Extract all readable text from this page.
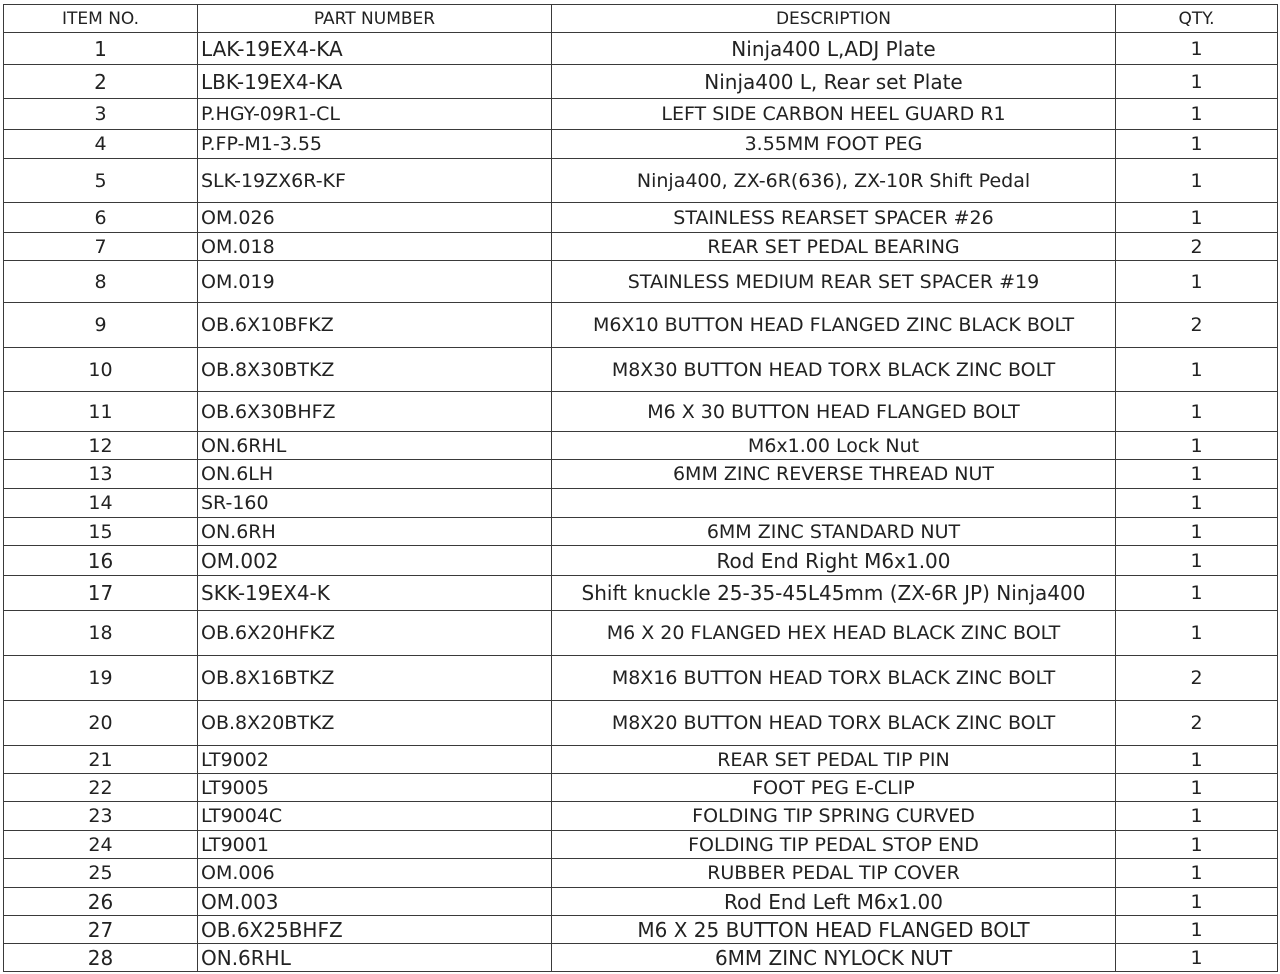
ITEM NO.	PART NUMBER	DESCRIPTION	QTY.
1	LAK-19EX4-KA	Ninja400 L,ADJ Plate	1
2	LBK-19EX4-KA	Ninja400 L, Rear set Plate	1
3	P.HGY-09R1-CL	LEFT SIDE CARBON HEEL GUARD R1	1
4	P.FP-M1-3.55	3.55MM FOOT PEG	1
5	SLK-19ZX6R-KF	Ninja400, ZX-6R(636), ZX-10R Shift Pedal	1
6	OM.026	STAINLESS REARSET SPACER #26	1
7	OM.018	REAR SET PEDAL BEARING	2
8	OM.019	STAINLESS MEDIUM REAR SET SPACER #19	1
9	OB.6X10BFKZ	M6X10 BUTTON HEAD FLANGED ZINC BLACK BOLT	2
10	OB.8X30BTKZ	M8X30 BUTTON HEAD TORX BLACK ZINC BOLT	1
11	OB.6X30BHFZ	M6 X 30 BUTTON HEAD FLANGED BOLT	1
12	ON.6RHL	M6x1.00 Lock Nut	1
13	ON.6LH	6MM ZINC REVERSE THREAD NUT	1
14	SR-160		1
15	ON.6RH	6MM ZINC STANDARD NUT	1
16	OM.002	Rod End Right M6x1.00	1
17	SKK-19EX4-K	Shift knuckle 25-35-45L45mm (ZX-6R JP) Ninja400	1
18	OB.6X20HFKZ	M6 X 20 FLANGED HEX HEAD BLACK ZINC BOLT	1
19	OB.8X16BTKZ	M8X16 BUTTON HEAD TORX BLACK ZINC BOLT	2
20	OB.8X20BTKZ	M8X20 BUTTON HEAD TORX BLACK ZINC BOLT	2
21	LT9002	REAR SET PEDAL TIP PIN	1
22	LT9005	FOOT PEG E-CLIP	1
23	LT9004C	FOLDING TIP SPRING CURVED	1
24	LT9001	FOLDING TIP PEDAL STOP END	1
25	OM.006	RUBBER PEDAL TIP COVER	1
26	OM.003	Rod End Left M6x1.00	1
27	OB.6X25BHFZ	M6 X 25 BUTTON HEAD FLANGED BOLT	1
28	ON.6RHL	6MM ZINC NYLOCK NUT	1
